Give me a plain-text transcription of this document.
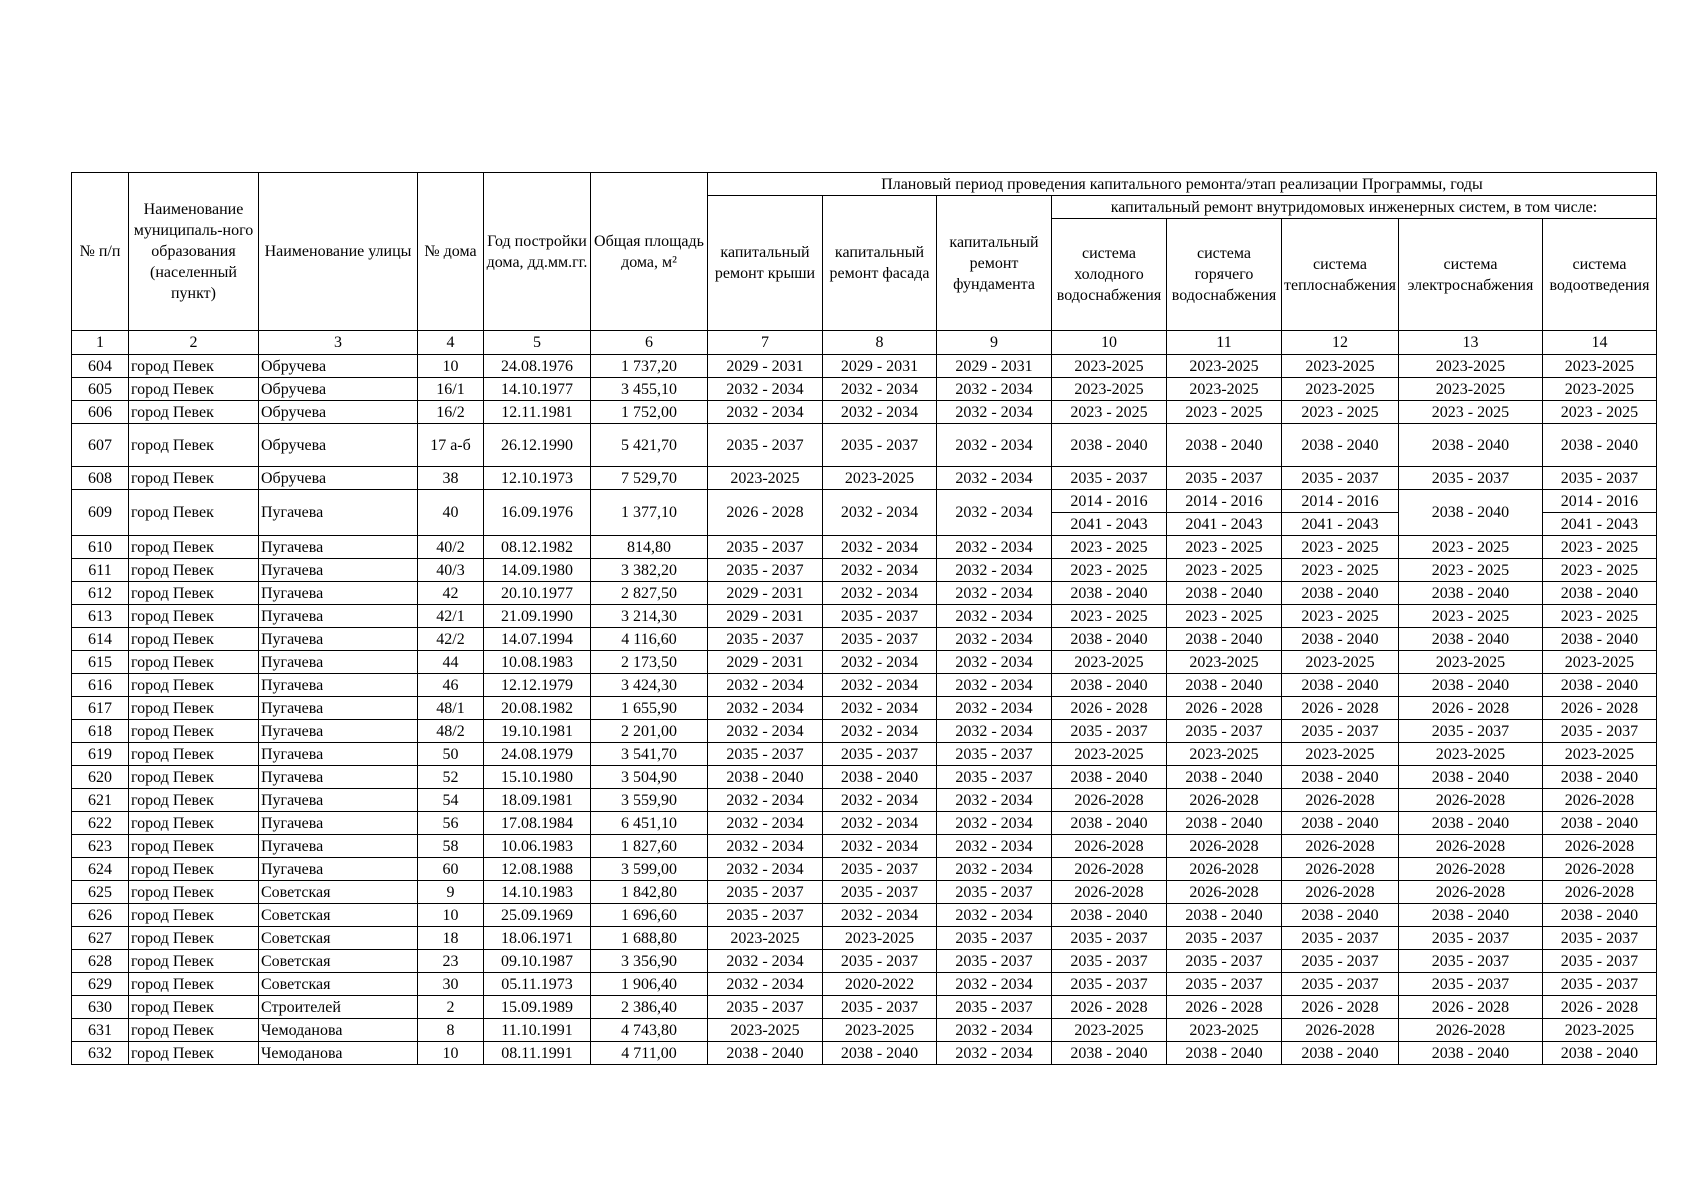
№ п/п	Наименование муниципаль-ного образования (населенный пункт)	Наименование улицы	№ дома	Год постройки дома, дд.мм.гг.	Общая площадь дома, м²	Плановый период проведения капитального ремонта/этап реализации Программы, годы							
						капитальный ремонт крыши	капитальный ремонт фасада	капитальный ремонт фундамента	капитальный ремонт внутридомовых инженерных систем, в том числе:				
									система холодного водоснабжения	система горячего водоснабжения	система теплоснабжения	система электроснабжения	система водоотведения
1	2	3	4	5	6	7	8	9	10	11	12	13	14
604	город Певек	Обручева	10	24.08.1976	1 737,20	2029 - 2031	2029 - 2031	2029 - 2031	2023-2025	2023-2025	2023-2025	2023-2025	2023-2025
605	город Певек	Обручева	16/1	14.10.1977	3 455,10	2032 - 2034	2032 - 2034	2032 - 2034	2023-2025	2023-2025	2023-2025	2023-2025	2023-2025
606	город Певек	Обручева	16/2	12.11.1981	1 752,00	2032 - 2034	2032 - 2034	2032 - 2034	2023 - 2025	2023 - 2025	2023 - 2025	2023 - 2025	2023 - 2025
607	город Певек	Обручева	17 а-б	26.12.1990	5 421,70	2035 - 2037	2035 - 2037	2032 - 2034	2038 - 2040	2038 - 2040	2038 - 2040	2038 - 2040	2038 - 2040
608	город Певек	Обручева	38	12.10.1973	7 529,70	2023-2025	2023-2025	2032 - 2034	2035 - 2037	2035 - 2037	2035 - 2037	2035 - 2037	2035 - 2037
609	город Певек	Пугачева	40	16.09.1976	1 377,10	2026 - 2028	2032 - 2034	2032 - 2034	2014 - 2016	2014 - 2016	2014 - 2016	2038 - 2040	2014 - 2016
									2041 - 2043	2041 - 2043	2041 - 2043		2041 - 2043
610	город Певек	Пугачева	40/2	08.12.1982	814,80	2035 - 2037	2032 - 2034	2032 - 2034	2023 - 2025	2023 - 2025	2023 - 2025	2023 - 2025	2023 - 2025
611	город Певек	Пугачева	40/3	14.09.1980	3 382,20	2035 - 2037	2032 - 2034	2032 - 2034	2023 - 2025	2023 - 2025	2023 - 2025	2023 - 2025	2023 - 2025
612	город Певек	Пугачева	42	20.10.1977	2 827,50	2029 - 2031	2032 - 2034	2032 - 2034	2038 - 2040	2038 - 2040	2038 - 2040	2038 - 2040	2038 - 2040
613	город Певек	Пугачева	42/1	21.09.1990	3 214,30	2029 - 2031	2035 - 2037	2032 - 2034	2023 - 2025	2023 - 2025	2023 - 2025	2023 - 2025	2023 - 2025
614	город Певек	Пугачева	42/2	14.07.1994	4 116,60	2035 - 2037	2035 - 2037	2032 - 2034	2038 - 2040	2038 - 2040	2038 - 2040	2038 - 2040	2038 - 2040
615	город Певек	Пугачева	44	10.08.1983	2 173,50	2029 - 2031	2032 - 2034	2032 - 2034	2023-2025	2023-2025	2023-2025	2023-2025	2023-2025
616	город Певек	Пугачева	46	12.12.1979	3 424,30	2032 - 2034	2032 - 2034	2032 - 2034	2038 - 2040	2038 - 2040	2038 - 2040	2038 - 2040	2038 - 2040
617	город Певек	Пугачева	48/1	20.08.1982	1 655,90	2032 - 2034	2032 - 2034	2032 - 2034	2026 - 2028	2026 - 2028	2026 - 2028	2026 - 2028	2026 - 2028
618	город Певек	Пугачева	48/2	19.10.1981	2 201,00	2032 - 2034	2032 - 2034	2032 - 2034	2035 - 2037	2035 - 2037	2035 - 2037	2035 - 2037	2035 - 2037
619	город Певек	Пугачева	50	24.08.1979	3 541,70	2035 - 2037	2035 - 2037	2035 - 2037	2023-2025	2023-2025	2023-2025	2023-2025	2023-2025
620	город Певек	Пугачева	52	15.10.1980	3 504,90	2038 - 2040	2038 - 2040	2035 - 2037	2038 - 2040	2038 - 2040	2038 - 2040	2038 - 2040	2038 - 2040
621	город Певек	Пугачева	54	18.09.1981	3 559,90	2032 - 2034	2032 - 2034	2032 - 2034	2026-2028	2026-2028	2026-2028	2026-2028	2026-2028
622	город Певек	Пугачева	56	17.08.1984	6 451,10	2032 - 2034	2032 - 2034	2032 - 2034	2038 - 2040	2038 - 2040	2038 - 2040	2038 - 2040	2038 - 2040
623	город Певек	Пугачева	58	10.06.1983	1 827,60	2032 - 2034	2032 - 2034	2032 - 2034	2026-2028	2026-2028	2026-2028	2026-2028	2026-2028
624	город Певек	Пугачева	60	12.08.1988	3 599,00	2032 - 2034	2035 - 2037	2032 - 2034	2026-2028	2026-2028	2026-2028	2026-2028	2026-2028
625	город Певек	Советская	9	14.10.1983	1 842,80	2035 - 2037	2035 - 2037	2035 - 2037	2026-2028	2026-2028	2026-2028	2026-2028	2026-2028
626	город Певек	Советская	10	25.09.1969	1 696,60	2035 - 2037	2032 - 2034	2032 - 2034	2038 - 2040	2038 - 2040	2038 - 2040	2038 - 2040	2038 - 2040
627	город Певек	Советская	18	18.06.1971	1 688,80	2023-2025	2023-2025	2035 - 2037	2035 - 2037	2035 - 2037	2035 - 2037	2035 - 2037	2035 - 2037
628	город Певек	Советская	23	09.10.1987	3 356,90	2032 - 2034	2035 - 2037	2035 - 2037	2035 - 2037	2035 - 2037	2035 - 2037	2035 - 2037	2035 - 2037
629	город Певек	Советская	30	05.11.1973	1 906,40	2032 - 2034	2020-2022	2032 - 2034	2035 - 2037	2035 - 2037	2035 - 2037	2035 - 2037	2035 - 2037
630	город Певек	Строителей	2	15.09.1989	2 386,40	2035 - 2037	2035 - 2037	2035 - 2037	2026 - 2028	2026 - 2028	2026 - 2028	2026 - 2028	2026 - 2028
631	город Певек	Чемоданова	8	11.10.1991	4 743,80	2023-2025	2023-2025	2032 - 2034	2023-2025	2023-2025	2026-2028	2026-2028	2023-2025
632	город Певек	Чемоданова	10	08.11.1991	4 711,00	2038 - 2040	2038 - 2040	2032 - 2034	2038 - 2040	2038 - 2040	2038 - 2040	2038 - 2040	2038 - 2040
